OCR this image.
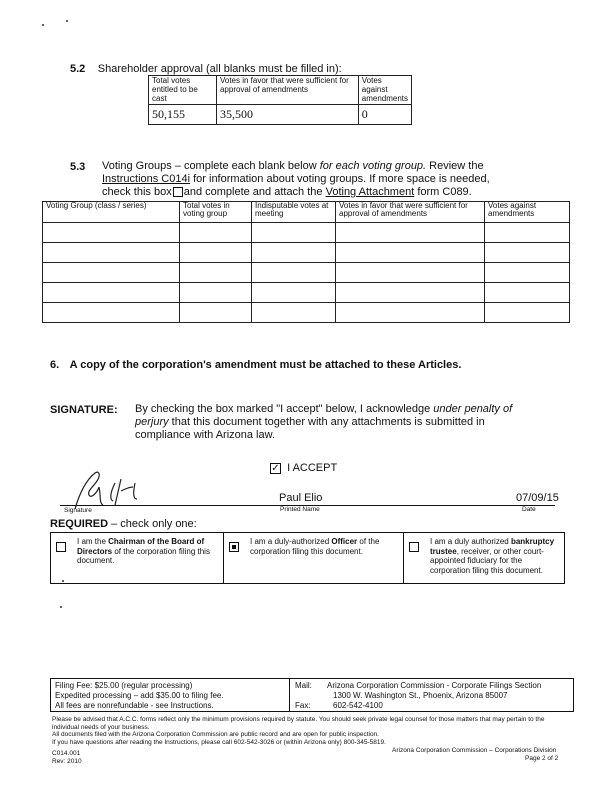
5.2 Shareholder approval (all blanks must be filled in):
Total votes entitled to be cast	Votes in favor that were sufficient for approval of amendments	Votes against amendments
50,155	35,500	0
5.3 Voting Groups – complete each blank below for each voting group. Review the
Instructions C014i for information about voting groups. If more space is needed,
check this box and complete and attach the Voting Attachment form C089.
Voting Group (class / series)	Total votes in voting group	Indisputable votes at meeting	Votes in favor that were sufficient for approval of amendments	Votes against amendments

6. A copy of the corporation's amendment must be attached to these Articles.
SIGNATURE: By checking the box marked "I accept" below, I acknowledge under penalty of perjury that this document together with any attachments is submitted in compliance with Arizona law.
✓ I ACCEPT
Paul Elio	07/09/15
Signature	Printed Name	Date
REQUIRED – check only one:
I am the Chairman of the Board of Directors of the corporation filing this document.
I am a duly-authorized Officer of the corporation filing this document.
I am a duly authorized bankruptcy trustee, receiver, or other court-appointed fiduciary for the corporation filing this document.
Filing Fee: $25.00 (regular processing)
Expedited processing – add $35.00 to filing fee.
All fees are nonrefundable - see Instructions.
Mail: Arizona Corporation Commission - Corporate Filings Section
1300 W. Washington St., Phoenix, Arizona 85007
Fax:	602-542-4100
Please be advised that A.C.C. forms reflect only the minimum provisions required by statute. You should seek private legal counsel for those matters that may pertain to the individual needs of your business.
All documents filed with the Arizona Corporation Commission are public record and are open for public inspection.
If you have questions after reading the Instructions, please call 602-542-3026 or (within Arizona only) 800-345-5819.
C014.001
Rev: 2010
Arizona Corporation Commission – Corporations Division
Page 2 of 2
